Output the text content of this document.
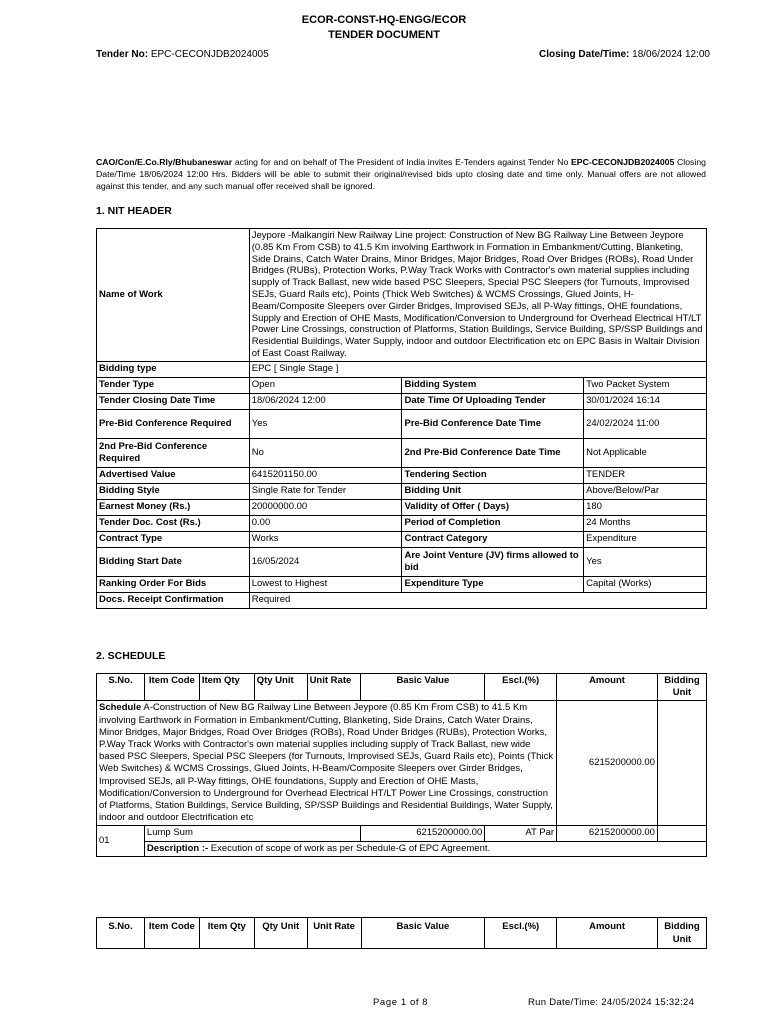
ECOR-CONST-HQ-ENGG/ECOR
TENDER DOCUMENT
Tender No: EPC-CECONJDB2024005	Closing Date/Time: 18/06/2024 12:00
CAO/Con/E.Co.Rly/Bhubaneswar acting for and on behalf of The President of India invites E-Tenders against Tender No EPC-CECONJDB2024005 Closing Date/Time 18/06/2024 12:00 Hrs. Bidders will be able to submit their original/revised bids upto closing date and time only. Manual offers are not allowed against this tender, and any such manual offer received shall be ignored.
1. NIT HEADER
Name of Work	Jeypore -Malkangiri New Railway Line project: Construction of New BG Railway Line Between Jeypore (0.85 Km From CSB) to 41.5 Km involving Earthwork in Formation in Embankment/Cutting, Blanketing, Side Drains, Catch Water Drains, Minor Bridges, Major Bridges, Road Over Bridges (ROBs), Road Under Bridges (RUBs), Protection Works, P.Way Track Works with Contractor's own material supplies including supply of Track Ballast, new wide based PSC Sleepers, Special PSC Sleepers (for Turnouts, Improvised SEJs, Guard Rails etc), Points (Thick Web Switches) & WCMS Crossings, Glued Joints, H-Beam/Composite Sleepers over Girder Bridges, Improvised SEJs, all P-Way fittings, OHE foundations, Supply and Erection of OHE Masts, Modification/Conversion to Underground for Overhead Electrical HT/LT Power Line Crossings, construction of Platforms, Station Buildings, Service Building, SP/SSP Buildings and Residential Buildings, Water Supply, indoor and outdoor Electrification etc on EPC Basis in Waltair Division of East Coast Railway.		
Bidding type	EPC [ Single Stage ]		
Tender Type	Open	Bidding System	Two Packet System
Tender Closing Date Time	18/06/2024 12:00	Date Time Of Uploading Tender	30/01/2024 16:14
Pre-Bid Conference Required	Yes	Pre-Bid Conference Date Time	24/02/2024 11:00
2nd Pre-Bid Conference Required	No	2nd Pre-Bid Conference Date Time	Not Applicable
Advertised Value	6415201150.00	Tendering Section	TENDER
Bidding Style	Single Rate for Tender	Bidding Unit	Above/Below/Par
Earnest Money (Rs.)	20000000.00	Validity of Offer ( Days)	180
Tender Doc. Cost (Rs.)	0.00	Period of Completion	24 Months
Contract Type	Works	Contract Category	Expenditure
Bidding Start Date	16/05/2024	Are Joint Venture (JV) firms allowed to bid	Yes
Ranking Order For Bids	Lowest to Highest	Expenditure Type	Capital (Works)
Docs. Receipt Confirmation	Required		
2. SCHEDULE
S.No.	Item Code	Item Qty	Qty Unit	Unit Rate	Basic Value	Escl.(%)	Amount	Bidding Unit
Schedule A-Construction of New BG Railway Line Between Jeypore (0.85 Km From CSB) to 41.5 Km involving Earthwork in Formation in Embankment/Cutting, Blanketing, Side Drains, Catch Water Drains, Minor Bridges, Major Bridges, Road Over Bridges (ROBs), Road Under Bridges (RUBs), Protection Works, P.Way Track Works with Contractor's own material supplies including supply of Track Ballast, new wide based PSC Sleepers, Special PSC Sleepers (for Turnouts, Improvised SEJs, Guard Rails etc), Points (Thick Web Switches) & WCMS Crossings, Glued Joints, H-Beam/Composite Sleepers over Girder Bridges, Improvised SEJs, all P-Way fittings, OHE foundations, Supply and Erection of OHE Masts, Modification/Conversion to Underground for Overhead Electrical HT/LT Power Line Crossings, construction of Platforms, Station Buildings, Service Building, SP/SSP Buildings and Residential Buildings, Water Supply, indoor and outdoor Electrification etc							6215200000.00	
01	Lump Sum				6215200000.00	AT Par	6215200000.00	
	Description :- Execution of scope of work as per Schedule-G of EPC Agreement.							
S.No.	Item Code	Item Qty	Qty Unit	Unit Rate	Basic Value	Escl.(%)	Amount	Bidding Unit
Page 1 of 8	Run Date/Time: 24/05/2024 15:32:24
